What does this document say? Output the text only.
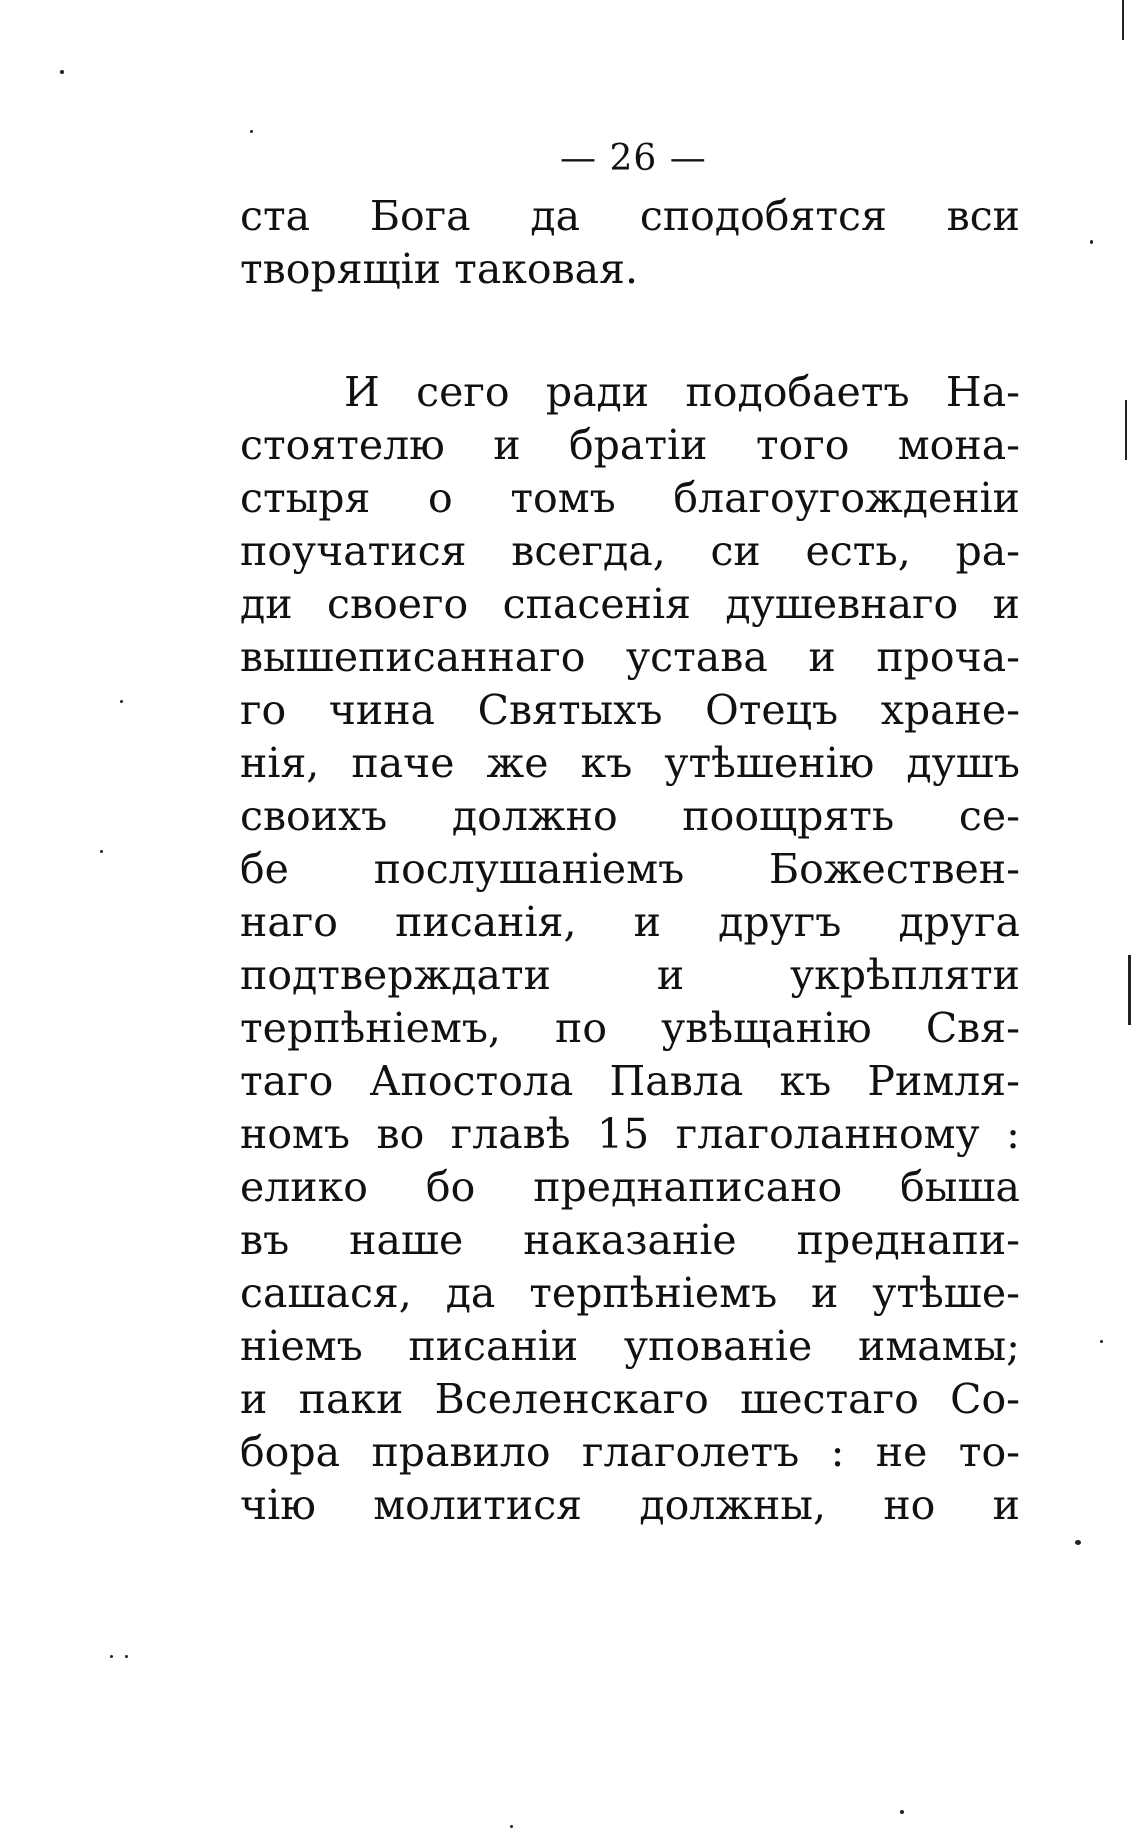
— 26 —
ста Бога да сподобятся вси
творящіи таковая.
И сего ради подобаетъ На-
стоятелю и братіи того мона-
стыря о томъ благоугожденіи
поучатися всегда, си есть, ра-
ди своего спасенія душевнаго и
вышеписаннаго устава и проча-
го чина Святыхъ Отецъ хране-
нія, паче же къ утѣшенію душъ
своихъ должно поощрять се-
бе послушаніемъ Божествен-
наго писанія, и другъ друга
подтверждати и укрѣпляти
терпѣніемъ, по увѣщанію Свя-
таго Апостола Павла къ Римля-
номъ во главѣ 15 глаголанному :
елико бо преднаписано быша
въ наше наказаніе преднапи-
сашася, да терпѣніемъ и утѣше-
ніемъ писаніи упованіе имамы;
и паки Вселенскаго шестаго Со-
бора правило глаголетъ : не то-
чію молитися должны, но и
